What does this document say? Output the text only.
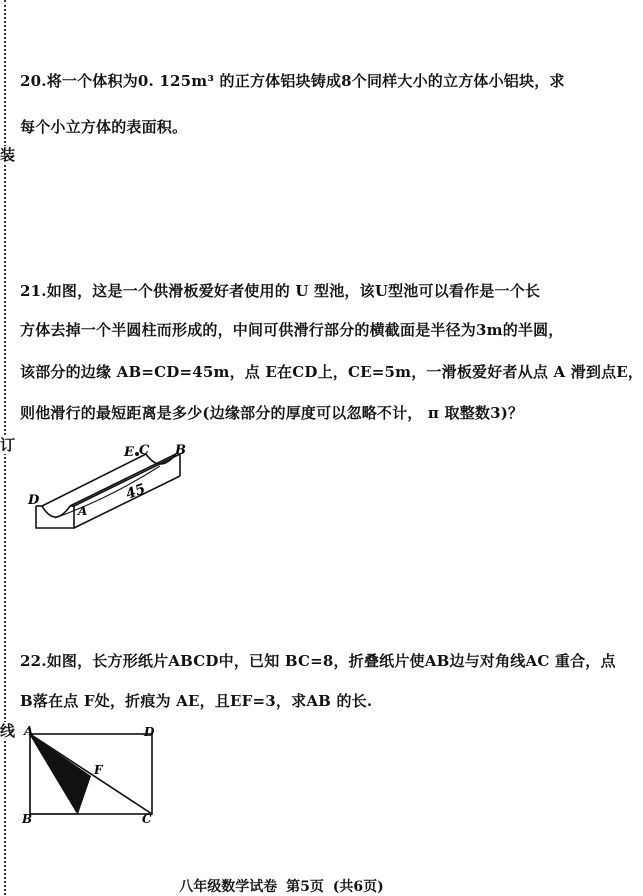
装
订
线
20.将一个体积为0. 125m³ 的正方体铝块铸成8个同样大小的立方体小铝块，求
每个小立方体的表面积。
21.如图，这是一个供滑板爱好者使用的 U 型池，该U型池可以看作是一个长
方体去掉一个半圆柱而形成的，中间可供滑行部分的横截面是半径为3m的半圆，
该部分的边缘 AB=CD=45m，点 E在CD上，CE=5m，一滑板爱好者从点 A 滑到点E，
则他滑行的最短距离是多少(边缘部分的厚度可以忽略不计， π 取整数3)？
E C B
D
A
45
22.如图，长方形纸片ABCD中，已知 BC=8，折叠纸片使AB边与对角线AC 重合，点
B落在点 F处，折痕为 AE，且EF=3，求AB 的长.
A	D
F
B	C
八年级数学试卷 第5页 (共6页)
